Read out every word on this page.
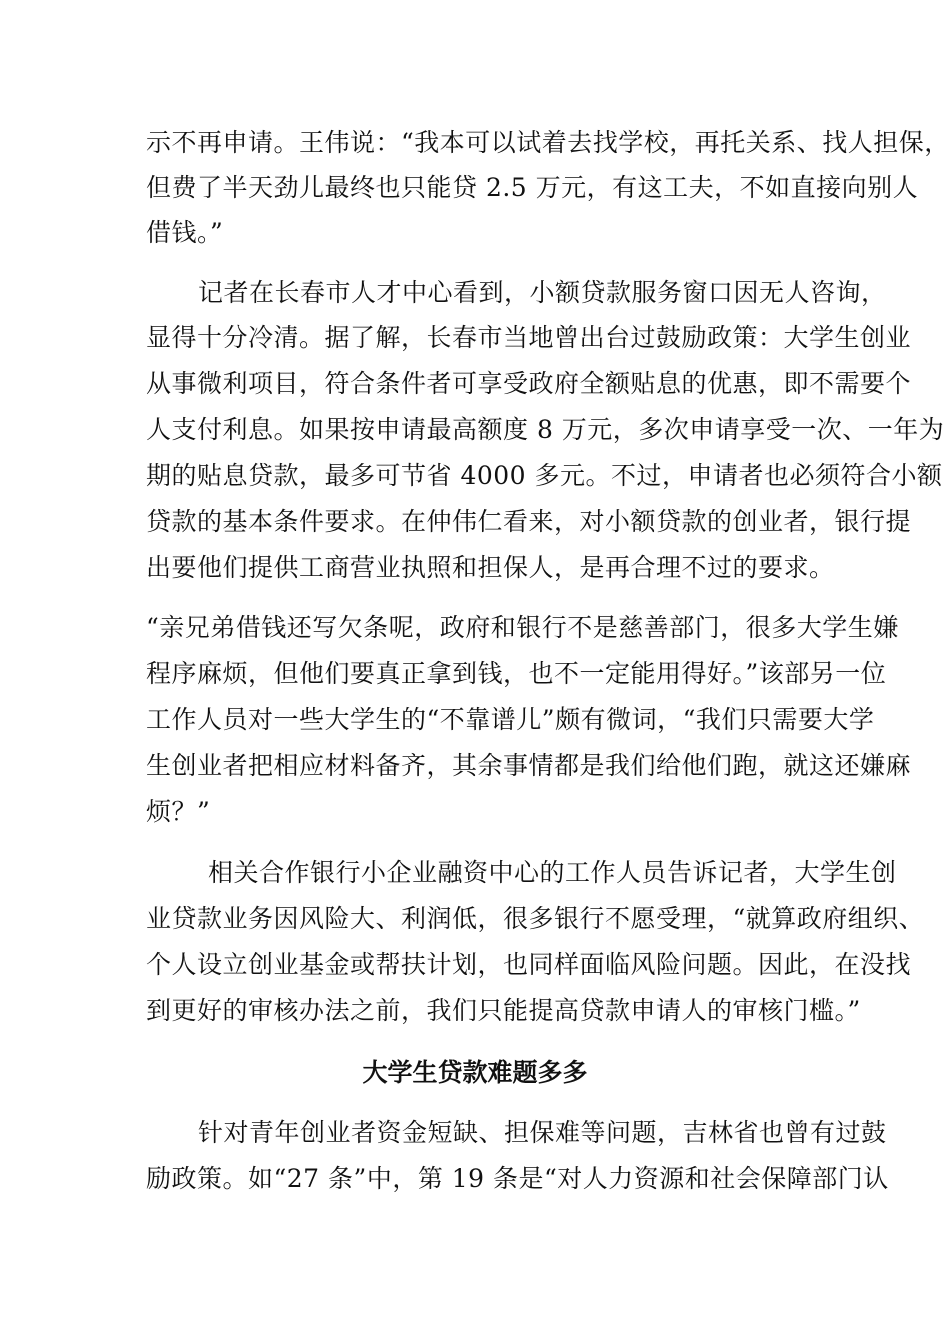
示不再申请。王伟说：“我本可以试着去找学校，再托关系、找人担保，
但费了半天劲儿最终也只能贷 2.5 万元，有这工夫，不如直接向别人
借钱。”
记者在长春市人才中心看到，小额贷款服务窗口因无人咨询，
显得十分冷清。据了解，长春市当地曾出台过鼓励政策：大学生创业
从事微利项目，符合条件者可享受政府全额贴息的优惠，即不需要个
人支付利息。如果按申请最高额度 8 万元，多次申请享受一次、一年为
期的贴息贷款，最多可节省 4000 多元。不过，申请者也必须符合小额
贷款的基本条件要求。在仲伟仁看来，对小额贷款的创业者，银行提
出要他们提供工商营业执照和担保人，是再合理不过的要求。
“亲兄弟借钱还写欠条呢，政府和银行不是慈善部门，很多大学生嫌
程序麻烦，但他们要真正拿到钱，也不一定能用得好。”该部另一位
工作人员对一些大学生的“不靠谱儿”颇有微词，“我们只需要大学
生创业者把相应材料备齐，其余事情都是我们给他们跑，就这还嫌麻
烦？”
相关合作银行小企业融资中心的工作人员告诉记者，大学生创
业贷款业务因风险大、利润低，很多银行不愿受理，“就算政府组织、
个人设立创业基金或帮扶计划，也同样面临风险问题。因此，在没找
到更好的审核办法之前，我们只能提高贷款申请人的审核门槛。”
大学生贷款难题多多
针对青年创业者资金短缺、担保难等问题，吉林省也曾有过鼓
励政策。如“27 条”中，第 19 条是“对人力资源和社会保障部门认
